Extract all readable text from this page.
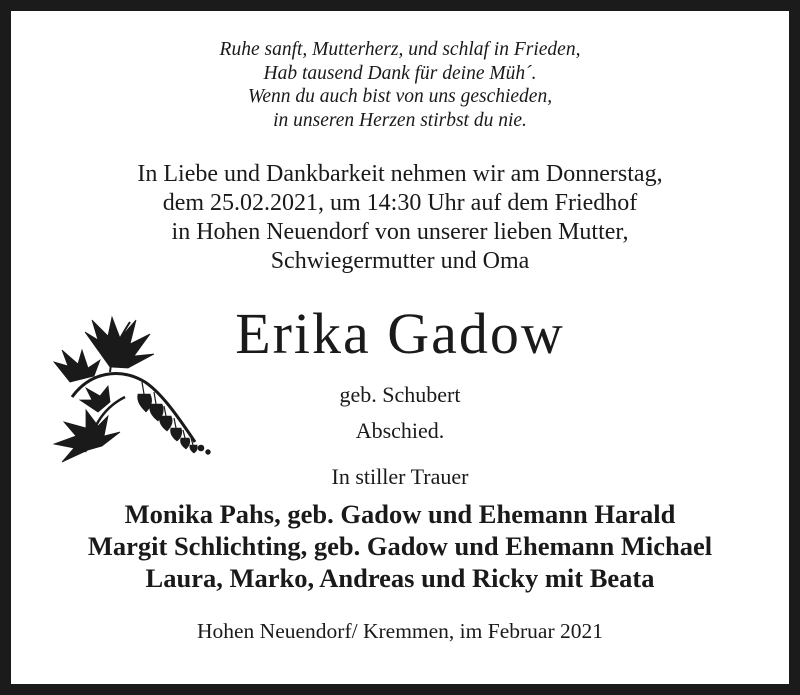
Ruhe sanft, Mutterherz, und schlaf in Frieden,
Hab tausend Dank für deine Müh´.
Wenn du auch bist von uns geschieden,
in unseren Herzen stirbst du nie.
In Liebe und Dankbarkeit nehmen wir am Donnerstag,
dem 25.02.2021, um 14:30 Uhr auf dem Friedhof
in Hohen Neuendorf von unserer lieben Mutter,
Schwiegermutter und Oma
Erika Gadow
geb. Schubert
Abschied.
In stiller Trauer
Monika Pahs, geb. Gadow und Ehemann Harald
Margit Schlichting, geb. Gadow und Ehemann Michael
Laura, Marko, Andreas und Ricky mit Beata
Hohen Neuendorf/ Kremmen, im Februar 2021
